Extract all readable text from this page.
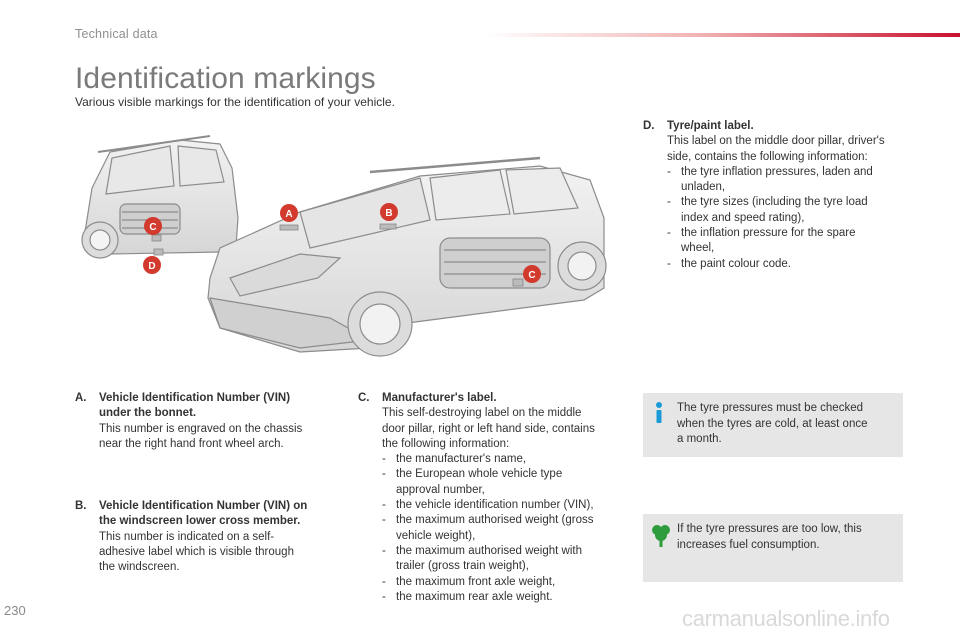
Technical data
Identification markings
Various visible markings for the identification of your vehicle.
A	B
C
D
C
A. Vehicle Identification Number (VIN)
under the bonnet.
This number is engraved on the chassis
near the right hand front wheel arch.
B. Vehicle Identification Number (VIN) on
the windscreen lower cross member.
This number is indicated on a self-
adhesive label which is visible through
the windscreen.
C. Manufacturer's label.
This self-destroying label on the middle
door pillar, right or left hand side, contains
the following information:
- the manufacturer's name,
- the European whole vehicle type
approval number,
- the vehicle identification number (VIN),
- the maximum authorised weight (gross
vehicle weight),
- the maximum authorised weight with
trailer (gross train weight),
- the maximum front axle weight,
- the maximum rear axle weight.
D. Tyre/paint label.
This label on the middle door pillar, driver's
side, contains the following information:
- the tyre inflation pressures, laden and
unladen,
- the tyre sizes (including the tyre load
index and speed rating),
- the inflation pressure for the spare
wheel,
- the paint colour code.
The tyre pressures must be checked
when the tyres are cold, at least once
a month.
If the tyre pressures are too low, this
increases fuel consumption.
230	carmanualsonline.info
